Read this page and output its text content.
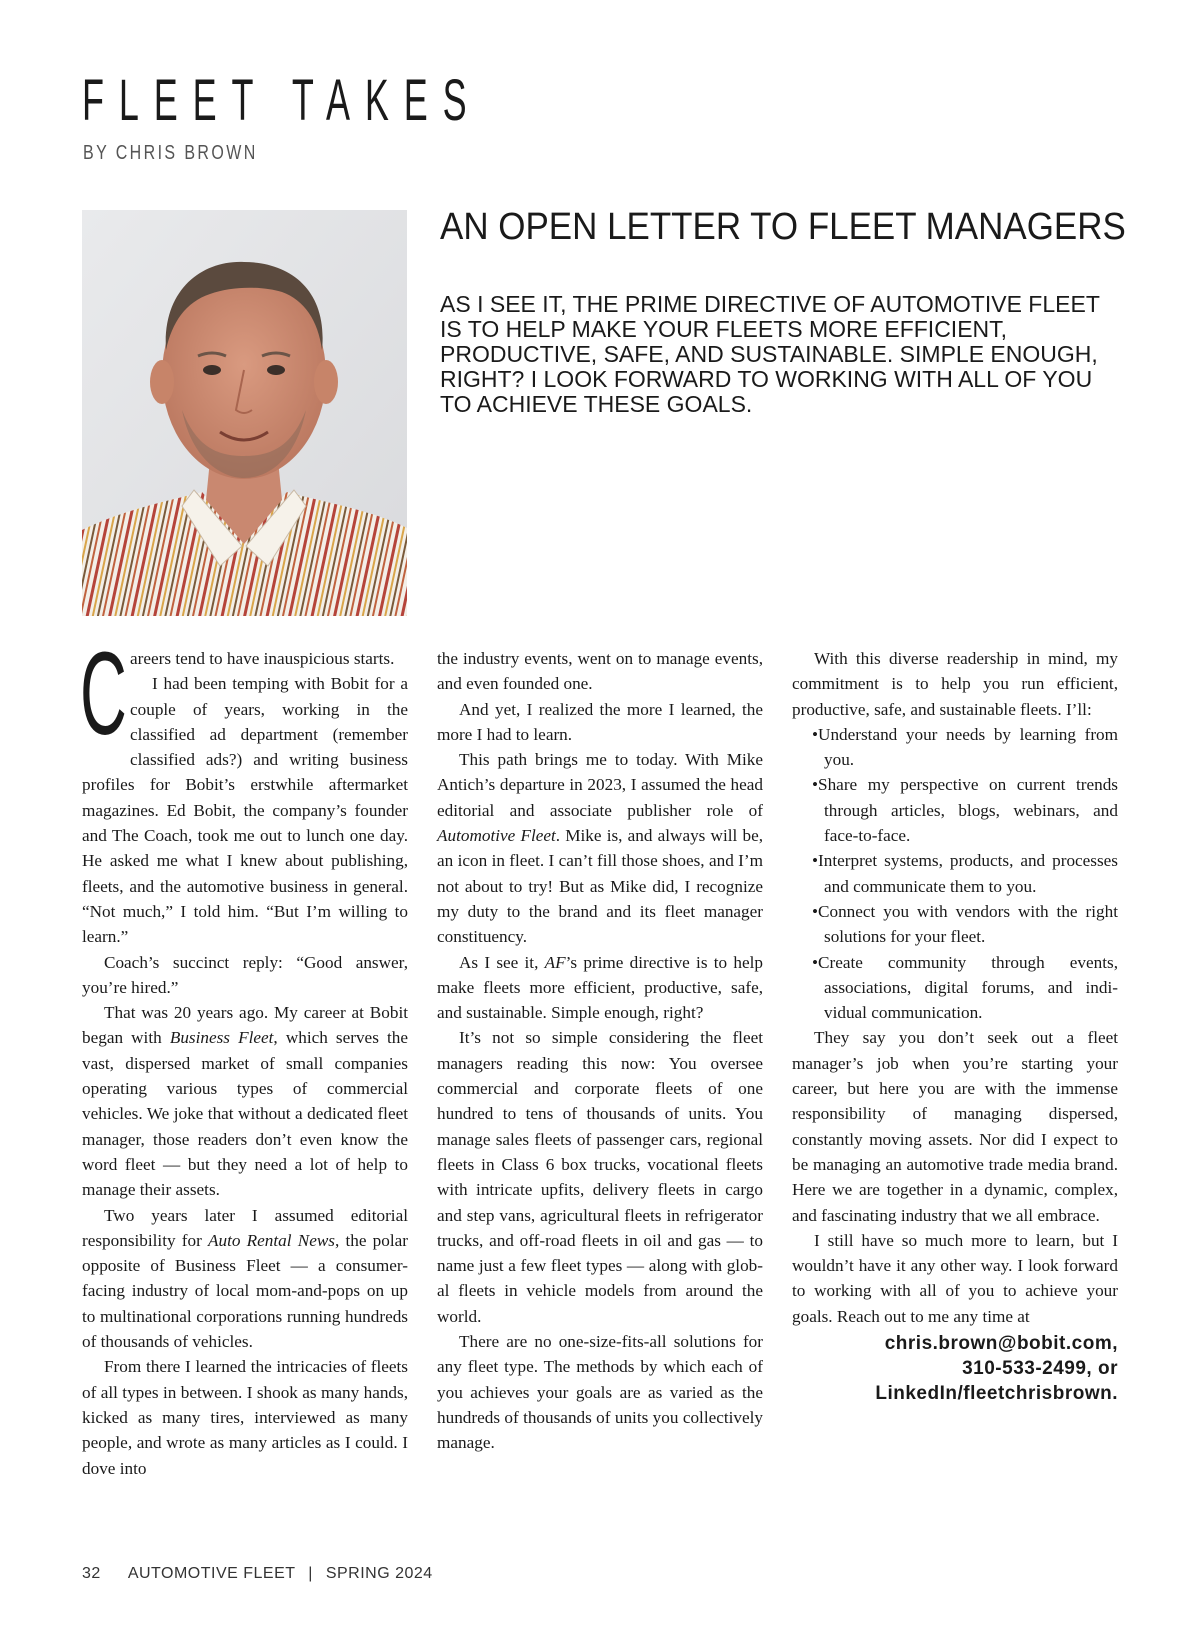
FLEET TAKES
BY CHRIS BROWN
AN OPEN LETTER TO FLEET MANAGERS
AS I SEE IT, THE PRIME DIRECTIVE OF AUTOMOTIVE FLEET IS TO HELP MAKE YOUR FLEETS MORE EFFICIENT, PRODUCTIVE, SAFE, AND SUSTAINABLE. SIMPLE ENOUGH, RIGHT? I LOOK FORWARD TO WORKING WITH ALL OF YOU TO ACHIEVE THESE GOALS.
C areers tend to have inauspicious starts.

I had been temping with Bobit for a couple of years, working in the classified ad department (remember classified ads?) and writing business profiles for Bobit’s erstwhile aftermarket magazines. Ed Bobit, the company’s founder and The Coach, took me out to lunch one day. He asked me what I knew about publishing, fleets, and the automotive business in general. “Not much,” I told him. “But I’m willing to learn.”

Coach’s succinct reply: “Good answer, you’re hired.”

That was 20 years ago. My career at Bobit began with Business Fleet, which serves the vast, dispersed market of small companies operating various types of commercial vehicles. We joke that without a dedicated fleet manager, those readers don’t even know the word fleet — but they need a lot of help to manage their assets.

Two years later I assumed editorial responsibility for Auto Rental News, the polar opposite of Business Fleet — a consumer-facing industry of local mom-and-pops on up to multinational corporations running hundreds of thousands of vehicles.

From there I learned the intricacies of fleets of all types in between. I shook as many hands, kicked as many tires, interviewed as many people, and wrote as many articles as I could. I dove into

the industry events, went on to manage events, and even founded one.

And yet, I realized the more I learned, the more I had to learn.

This path brings me to today. With Mike Antich’s departure in 2023, I assumed the head editorial and associate publisher role of Automotive Fleet. Mike is, and always will be, an icon in fleet. I can’t fill those shoes, and I’m not about to try! But as Mike did, I recognize my duty to the brand and its fleet manager constituency.

As I see it, AF’s prime directive is to help make fleets more efficient, productive, safe, and sustainable. Simple enough, right?

It’s not so simple considering the fleet managers reading this now: You oversee commercial and corporate fleets of one hundred to tens of thousands of units. You manage sales fleets of passenger cars, regional fleets in Class 6 box trucks, vocational fleets with intricate upfits, delivery fleets in cargo and step vans, agricultural fleets in refrigerator trucks, and off-road fleets in oil and gas — to name just a few fleet types — along with global fleets in vehicle models from around the world.

There are no one-size-fits-all solutions for any fleet type. The methods by which each of you achieves your goals are as varied as the hundreds of thousands of units you collectively manage.

With this diverse readership in mind, my commitment is to help you run efficient, productive, safe, and sustainable fleets. I’ll:

•Understand your needs by learning from you.
•Share my perspective on current trends through articles, blogs, webinars, and face-to-face.
•Interpret systems, products, and processes and communicate them to you.
•Connect you with vendors with the right solutions for your fleet.
•Create community through events, associations, digital forums, and individual communication.

They say you don’t seek out a fleet manager’s job when you’re starting your career, but here you are with the immense responsibility of managing dispersed, constantly moving assets. Nor did I expect to be managing an automotive trade media brand. Here we are together in a dynamic, complex, and fascinating industry that we all embrace.

I still have so much more to learn, but I wouldn’t have it any other way. I look forward to working with all of you to achieve your goals. Reach out to me any time at

chris.brown@bobit.com,
310-533-2499, or
LinkedIn/fleetchrisbrown.
32 AUTOMOTIVE FLEET | SPRING 2024
